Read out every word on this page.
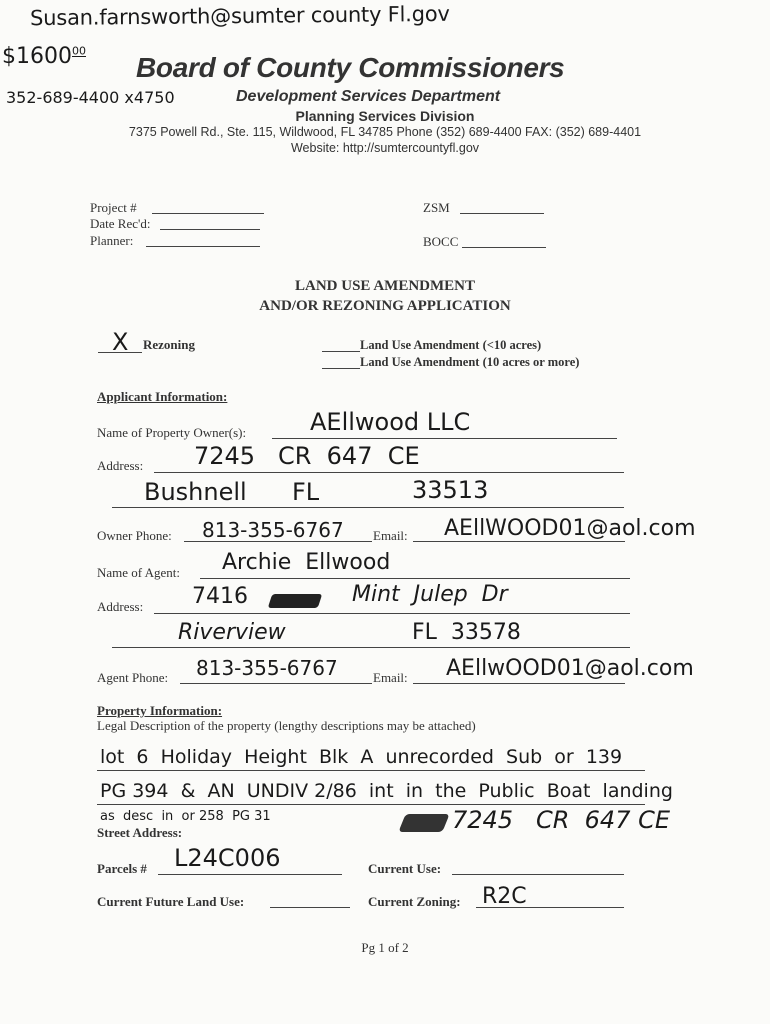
Susan.farnsworth@sumter county Fl.gov
$1600$^{00}$
352-689-4400 x4750
Board of County Commissioners
Development Services Department
Planning Services Division
7375 Powell Rd., Ste. 115, Wildwood, FL 34785 Phone (352) 689-4400 FAX: (352) 689-4401
Website: http://sumtercountyfl.gov
Project #
Date Rec'd:
Planner:
ZSM
BOCC
LAND USE AMENDMENT
AND/OR REZONING APPLICATION
X Rezoning	Land Use Amendment (<10 acres)
Land Use Amendment (10 acres or more)
Applicant Information:
Name of Property Owner(s):	AEllwood LLC
Address: 7245   CR  647  CE
Bushnell FL	33513
Owner Phone: 813-355-6767 Email: AEllWOOD01@aol.com
Name of Agent: Archie  Ellwood
Address: 7416	Mint  Julep  Dr
Riverview	FL  33578
Agent Phone: 813-355-6767	Email: AEllwOOD01@aol.com
Property Information:
Legal Description of the property (lengthy descriptions may be attached)
lot  6  Holiday  Height  Blk  A  unrecorded  Sub  or  139
PG 394  &  AN  UNDIV 2/86  int  in  the  Public  Boat  landing
as  desc  in  or 258  PG 31
Street Address:	7245   CR  647 CE
Parcels # L24C006	Current Use:
Current Future Land Use:	Current Zoning: R2C
Pg 1 of 2
